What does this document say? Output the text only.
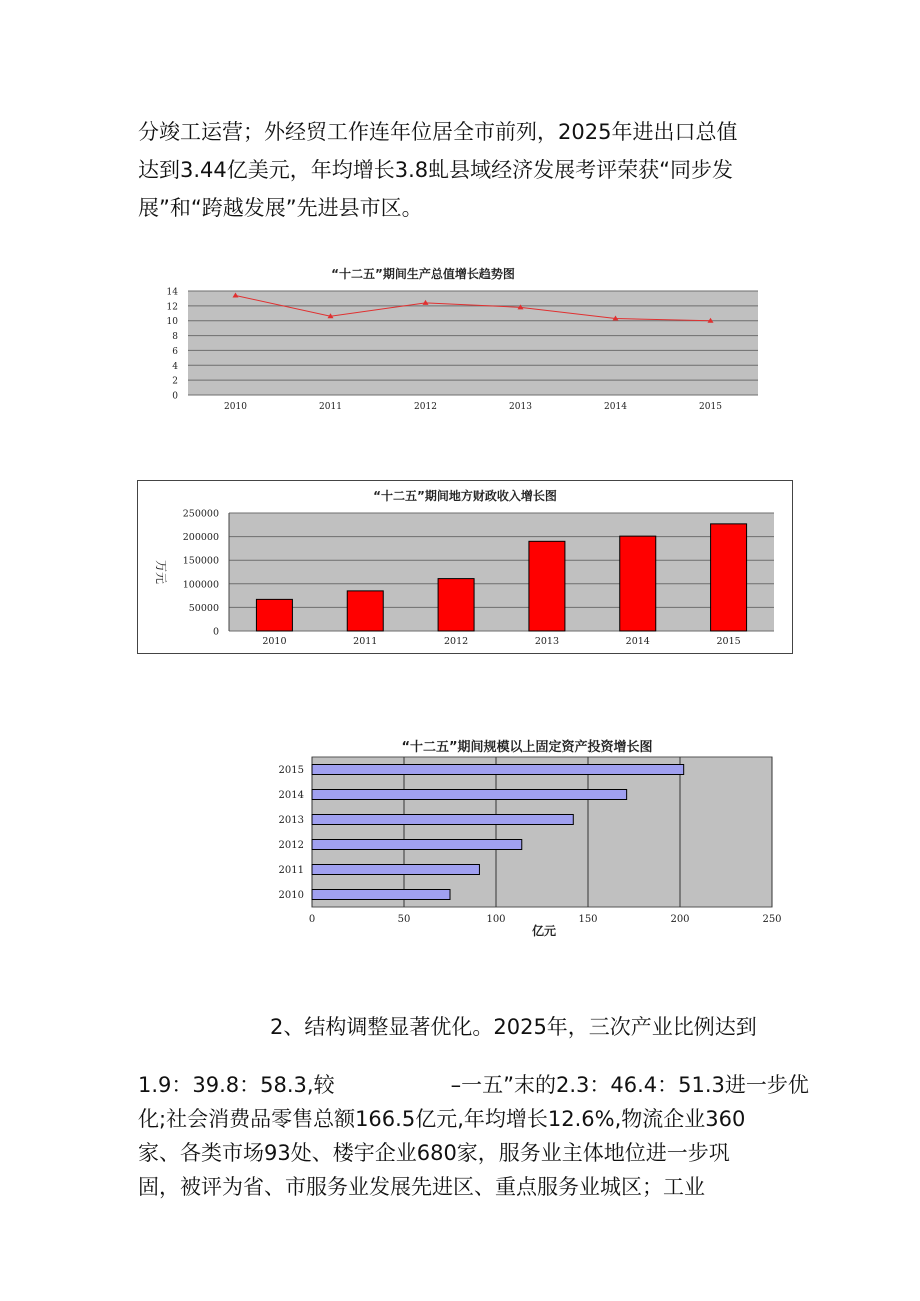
分竣工运营；外经贸工作连年位居全市前列，2025年进出口总值

达到3.44亿美元，年均增长3.8虬县域经济发展考评荣获“同步发

展”和“跨越发展”先进县市区。

“十二五”期间生产总值增长趋势图
0
2
4
6
8
10
12
14
2010	2011	2012	2013	2014	2015
“十二五”期间地方财政收入增长图
万元
0
50000
100000
150000
200000
250000
2010	2011	2012	2013	2014	2015
“十二五”期间规模以上固定资产投资增长图
亿元
0	50	100	150	200	250
2015
2014
2013
2012
2011
2010

2、结构调整显著优化。2025年，三次产业比例达到

1.9：39.8：58.3,较	–一五”末的2.3：46.4：51.3进一步优

化;社会消费品零售总额166.5亿元,年均增长12.6%,物流企业360

家、各类市场93处、楼宇企业680家，服务业主体地位进一步巩

固，被评为省、市服务业发展先进区、重点服务业城区；工业
